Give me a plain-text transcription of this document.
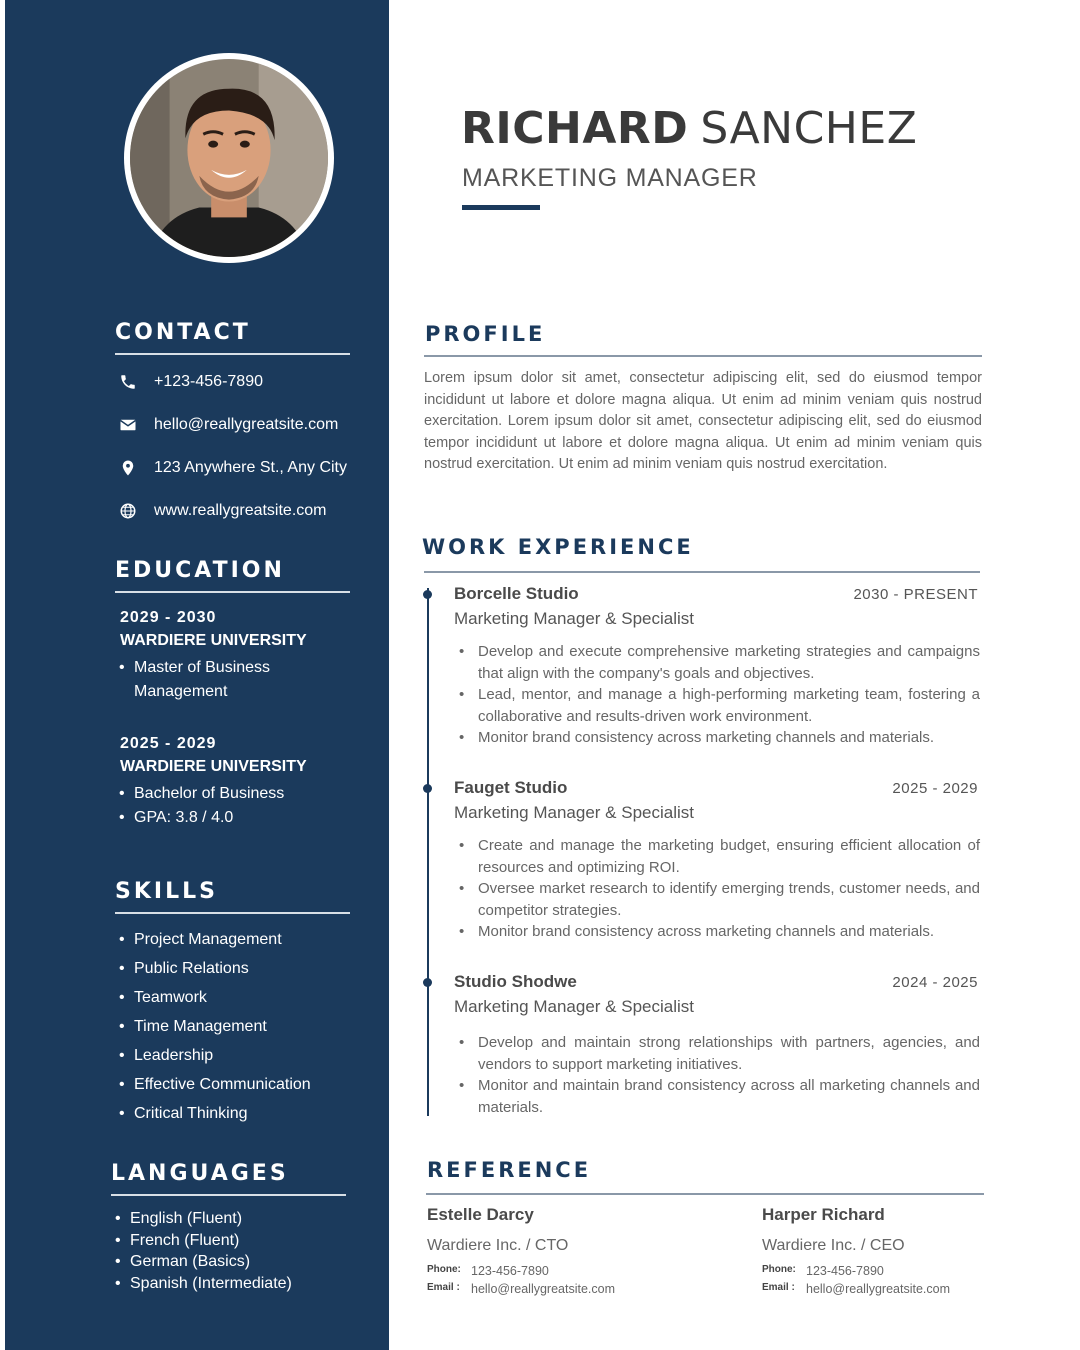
CONTACT
+123-456-7890
hello@reallygreatsite.com
123 Anywhere St., Any City
www.reallygreatsite.com
EDUCATION
2029 - 2030
WARDIERE UNIVERSITY
• Master of Business Management
2025 - 2029
WARDIERE UNIVERSITY
• Bachelor of Business
• GPA: 3.8 / 4.0
SKILLS
• Project Management
• Public Relations
• Teamwork
• Time Management
• Leadership
• Effective Communication
• Critical Thinking
LANGUAGES
• English (Fluent)
• French (Fluent)
• German (Basics)
• Spanish (Intermediate)
RICHARD SANCHEZ
MARKETING MANAGER
PROFILE
Lorem ipsum dolor sit amet, consectetur adipiscing elit, sed do eiusmod tempor incididunt ut labore et dolore magna aliqua. Ut enim ad minim veniam quis nostrud exercitation. Lorem ipsum dolor sit amet, consectetur adipiscing elit, sed do eiusmod tempor incididunt ut labore et dolore magna aliqua. Ut enim ad minim veniam quis nostrud exercitation. Ut enim ad minim veniam quis nostrud exercitation.
WORK EXPERIENCE
Borcelle Studio	2030 - PRESENT
Marketing Manager & Specialist
• Develop and execute comprehensive marketing strategies and campaigns that align with the company's goals and objectives.
• Lead, mentor, and manage a high-performing marketing team, fostering a collaborative and results-driven work environment.
• Monitor brand consistency across marketing channels and materials.
Fauget Studio	2025 - 2029
Marketing Manager & Specialist
• Create and manage the marketing budget, ensuring efficient allocation of resources and optimizing ROI.
• Oversee market research to identify emerging trends, customer needs, and competitor strategies.
• Monitor brand consistency across marketing channels and materials.
Studio Shodwe	2024 - 2025
Marketing Manager & Specialist
• Develop and maintain strong relationships with partners, agencies, and vendors to support marketing initiatives.
• Monitor and maintain brand consistency across all marketing channels and materials.
REFERENCE
Estelle Darcy
Wardiere Inc. / CTO
Phone: 123-456-7890
Email : hello@reallygreatsite.com
Harper Richard
Wardiere Inc. / CEO
Phone: 123-456-7890
Email : hello@reallygreatsite.com
